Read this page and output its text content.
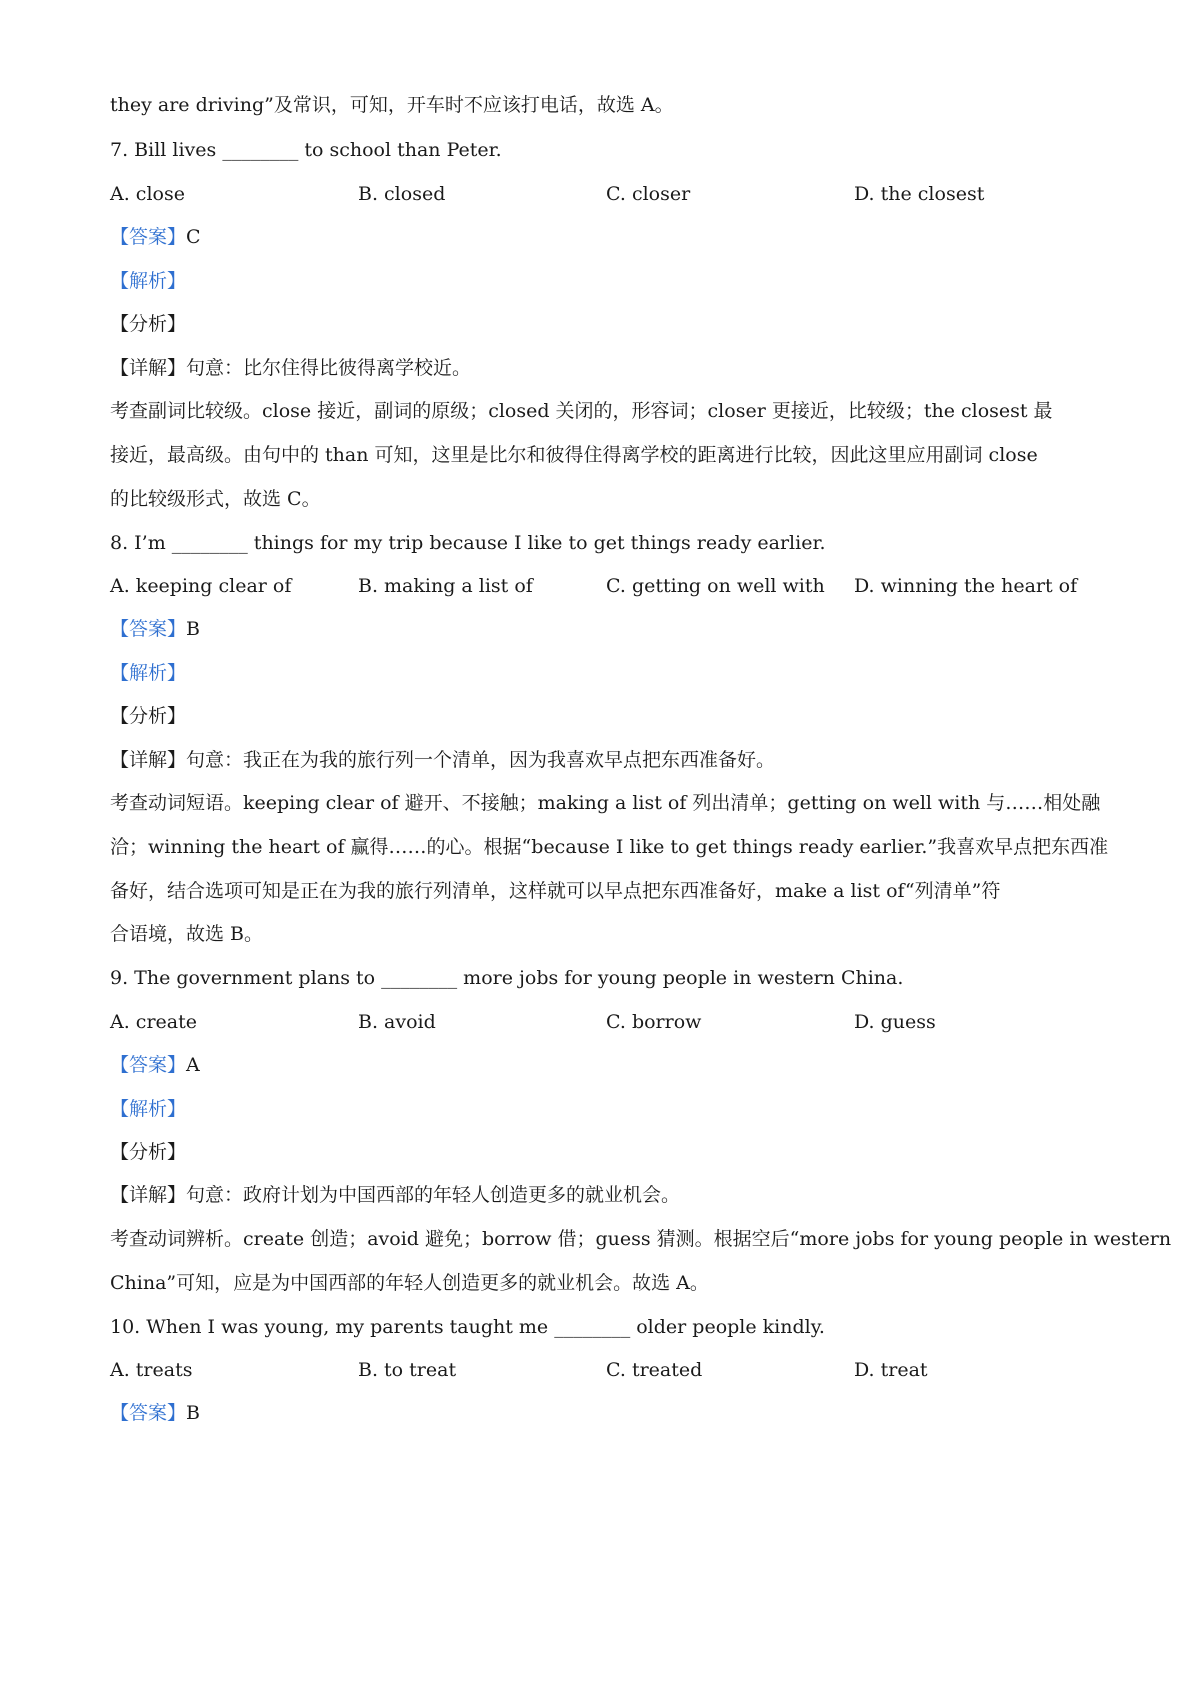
they are driving”及常识，可知，开车时不应该打电话，故选 A。
7. Bill lives ________ to school than Peter.
A. close	B. closed	C. closer	D. the closest
【答案】C
【解析】
【分析】
【详解】句意：比尔住得比彼得离学校近。
考查副词比较级。close 接近，副词的原级；closed 关闭的，形容词；closer 更接近，比较级；the closest 最
接近，最高级。由句中的 than 可知，这里是比尔和彼得住得离学校的距离进行比较，因此这里应用副词 close
的比较级形式，故选 C。
8. I’m ________ things for my trip because I like to get things ready earlier.
A. keeping clear of	B. making a list of	C. getting on well with D. winning the heart of
【答案】B
【解析】
【分析】
【详解】句意：我正在为我的旅行列一个清单，因为我喜欢早点把东西准备好。
考查动词短语。keeping clear of 避开、不接触；making a list of 列出清单；getting on well with 与……相处融
洽；winning the heart of 赢得……的心。根据“because I like to get things ready earlier.”我喜欢早点把东西准
备好，结合选项可知是正在为我的旅行列清单，这样就可以早点把东西准备好，make a list of“列清单”符
合语境，故选 B。
9. The government plans to ________ more jobs for young people in western China.
A. create	B. avoid	C. borrow	D. guess
【答案】A
【解析】
【分析】
【详解】句意：政府计划为中国西部的年轻人创造更多的就业机会。
考查动词辨析。create 创造；avoid 避免；borrow 借；guess 猜测。根据空后“more jobs for young people in western
China”可知，应是为中国西部的年轻人创造更多的就业机会。故选 A。
10. When I was young, my parents taught me ________ older people kindly.
A. treats	B. to treat	C. treated	D. treat
【答案】B
